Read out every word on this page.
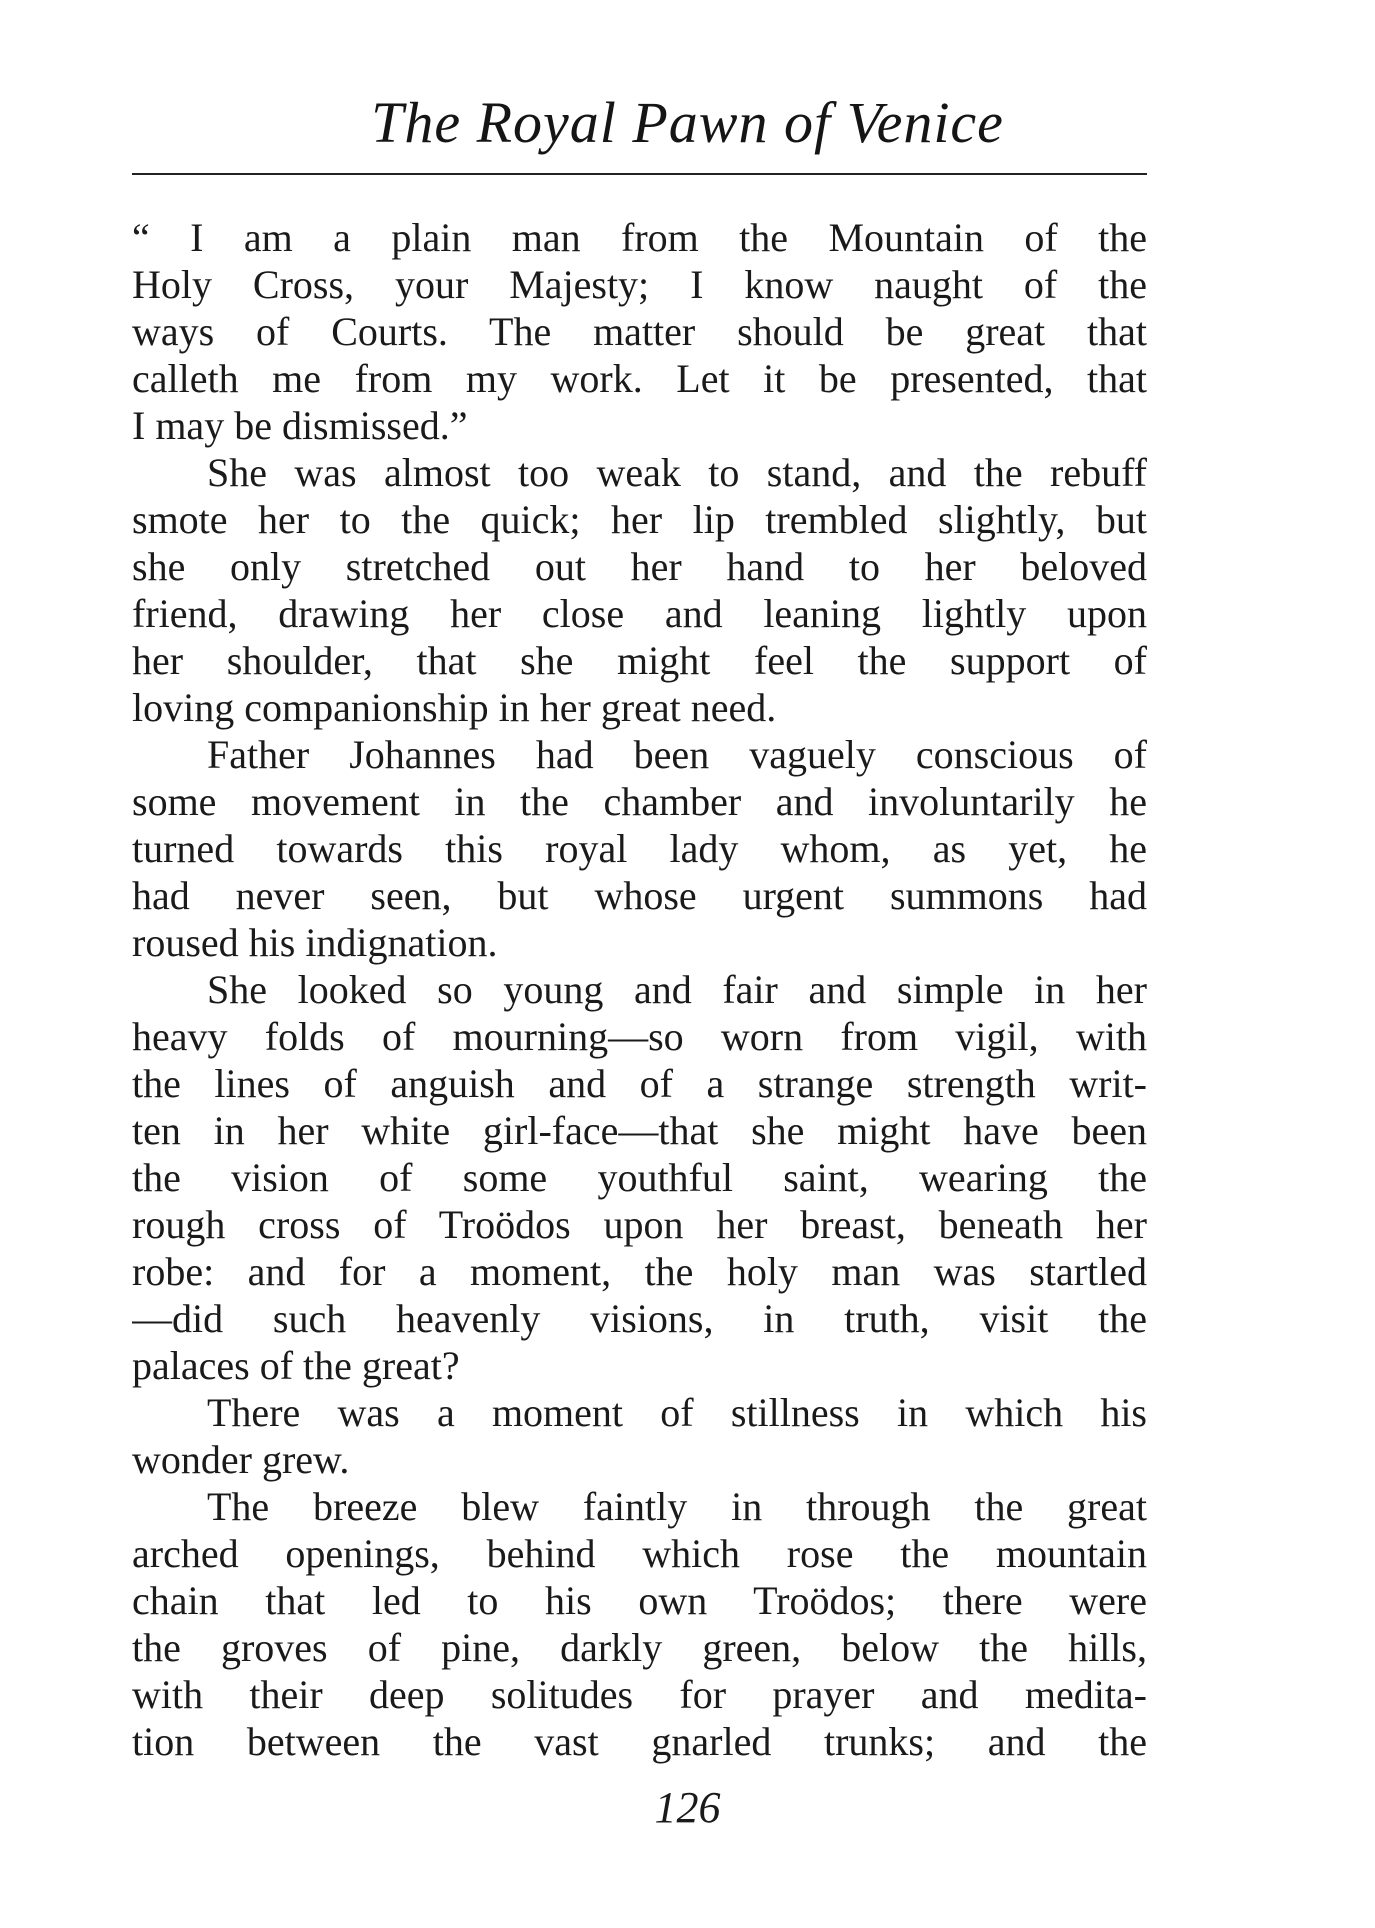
The Royal Pawn of Venice
“ I am a plain man from the Mountain of the
Holy Cross, your Majesty; I know naught of the
ways of Courts. The matter should be great that
calleth me from my work. Let it be presented, that
I may be dismissed.”
She was almost too weak to stand, and the rebuff
smote her to the quick; her lip trembled slightly, but
she only stretched out her hand to her beloved
friend, drawing her close and leaning lightly upon
her shoulder, that she might feel the support of
loving companionship in her great need.
Father Johannes had been vaguely conscious of
some movement in the chamber and involuntarily he
turned towards this royal lady whom, as yet, he
had never seen, but whose urgent summons had
roused his indignation.
She looked so young and fair and simple in her
heavy folds of mourning—so worn from vigil, with
the lines of anguish and of a strange strength writ-
ten in her white girl-face—that she might have been
the vision of some youthful saint, wearing the
rough cross of Troödos upon her breast, beneath her
robe: and for a moment, the holy man was startled
—did such heavenly visions, in truth, visit the
palaces of the great?
There was a moment of stillness in which his
wonder grew.
The breeze blew faintly in through the great
arched openings, behind which rose the mountain
chain that led to his own Troödos; there were
the groves of pine, darkly green, below the hills,
with their deep solitudes for prayer and medita-
tion between the vast gnarled trunks; and the
126
